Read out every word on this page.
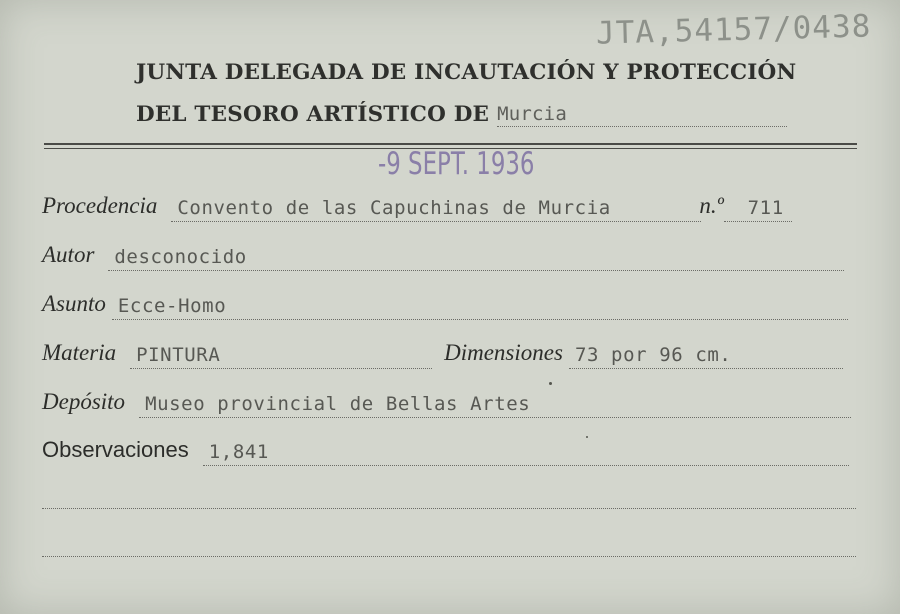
JTA,54157/0438
JUNTA DELEGADA DE INCAUTACIÓN Y PROTECCIÓN
DEL TESORO ARTÍSTICO DE Murcia
-9 SEPT. 1936
Procedencia	Convento de las Capuchinas de Murcia	n.º	711
Autor	desconocido
Asunto Ecce-Homo
Materia	PINTURA	Dimensiones 73 por 96 cm.
Depósito	Museo provincial de Bellas Artes
Observaciones	1,841
